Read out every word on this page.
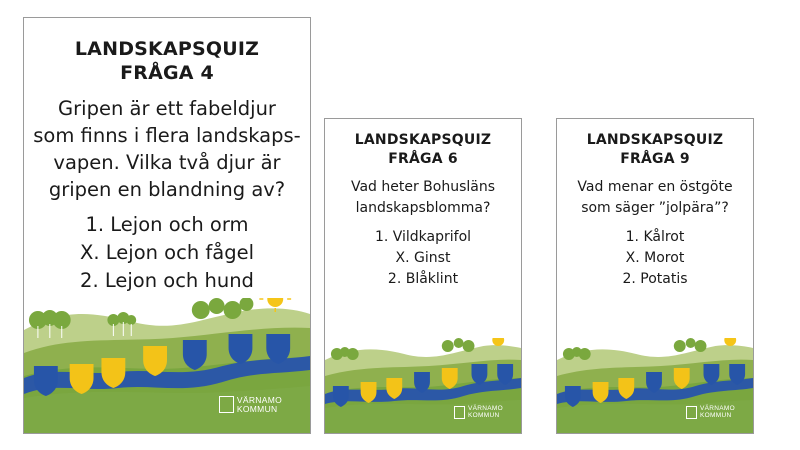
LANDSKAPSQUIZ
FRÅGA 4
Gripen är ett fabeldjur
som finns i flera landskaps-
vapen. Vilka två djur är
gripen en blandning av?
1. Lejon och orm
X. Lejon och fågel
2. Lejon och hund
VÄRNAMO
KOMMUN
LANDSKAPSQUIZ
FRÅGA 6
Vad heter Bohusläns
landskapsblomma?
1. Vildkaprifol
X. Ginst
2. Blåklint
VÄRNAMO
KOMMUN
LANDSKAPSQUIZ
FRÅGA 9
Vad menar en östgöte
som säger ”jolpära”?
1. Kålrot
X. Morot
2. Potatis
VÄRNAMO
KOMMUN
